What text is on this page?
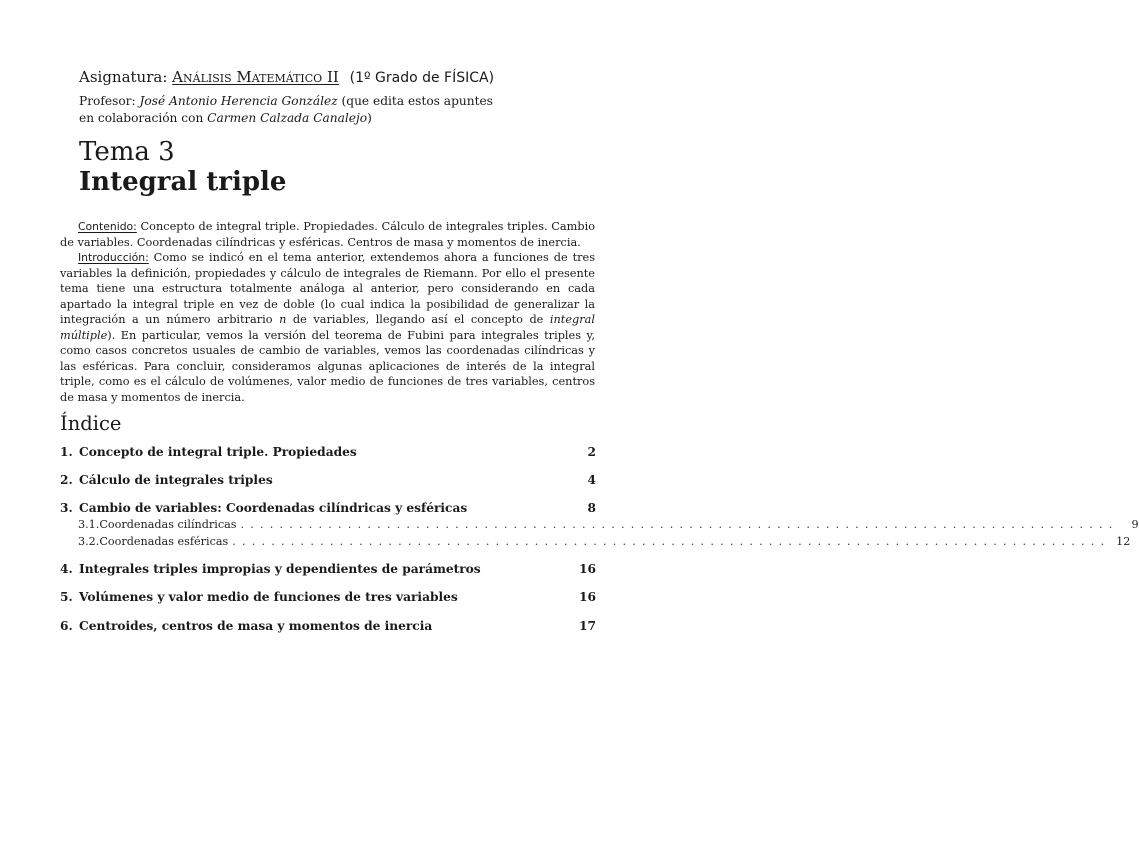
Asignatura: Análisis Matemático II (1º Grado de FÍSICA)
Profesor: José Antonio Herencia González (que edita estos apuntes en colaboración con Carmen Calzada Canalejo)
Tema 3
Integral triple

Contenido: Concepto de integral triple. Propiedades. Cálculo de integrales triples. Cambio de variables. Coordenadas cilíndricas y esféricas. Centros de masa y momentos de inercia.

Introducción: Como se indicó en el tema anterior, extendemos ahora a funciones de tres variables la definición, propiedades y cálculo de integrales de Riemann. Por ello el presente tema tiene una estructura totalmente análoga al anterior, pero considerando en cada apartado la integral triple en vez de doble (lo cual indica la posibilidad de generalizar la integración a un número arbitrario n de variables, llegando así el concepto de integral múltiple). En particular, vemos la versión del teorema de Fubini para integrales triples y, como casos concretos usuales de cambio de variables, vemos las coordenadas cilíndricas y las esféricas. Para concluir, consideramos algunas aplicaciones de interés de la integral triple, como es el cálculo de volúmenes, valor medio de funciones de tres variables, centros de masa y momentos de inercia.

Índice
1. Concepto de integral triple. Propiedades	2
2. Cálculo de integrales triples	4
3. Cambio de variables: Coordenadas cilíndricas y esféricas	8
3.1. Coordenadas cilíndricas ..........................................................................................	9
3.2. Coordenadas esféricas .......................................................................................... 12
4. Integrales triples impropias y dependientes de parámetros	16
5. Volúmenes y valor medio de funciones de tres variables	16
6. Centroides, centros de masa y momentos de inercia	17
